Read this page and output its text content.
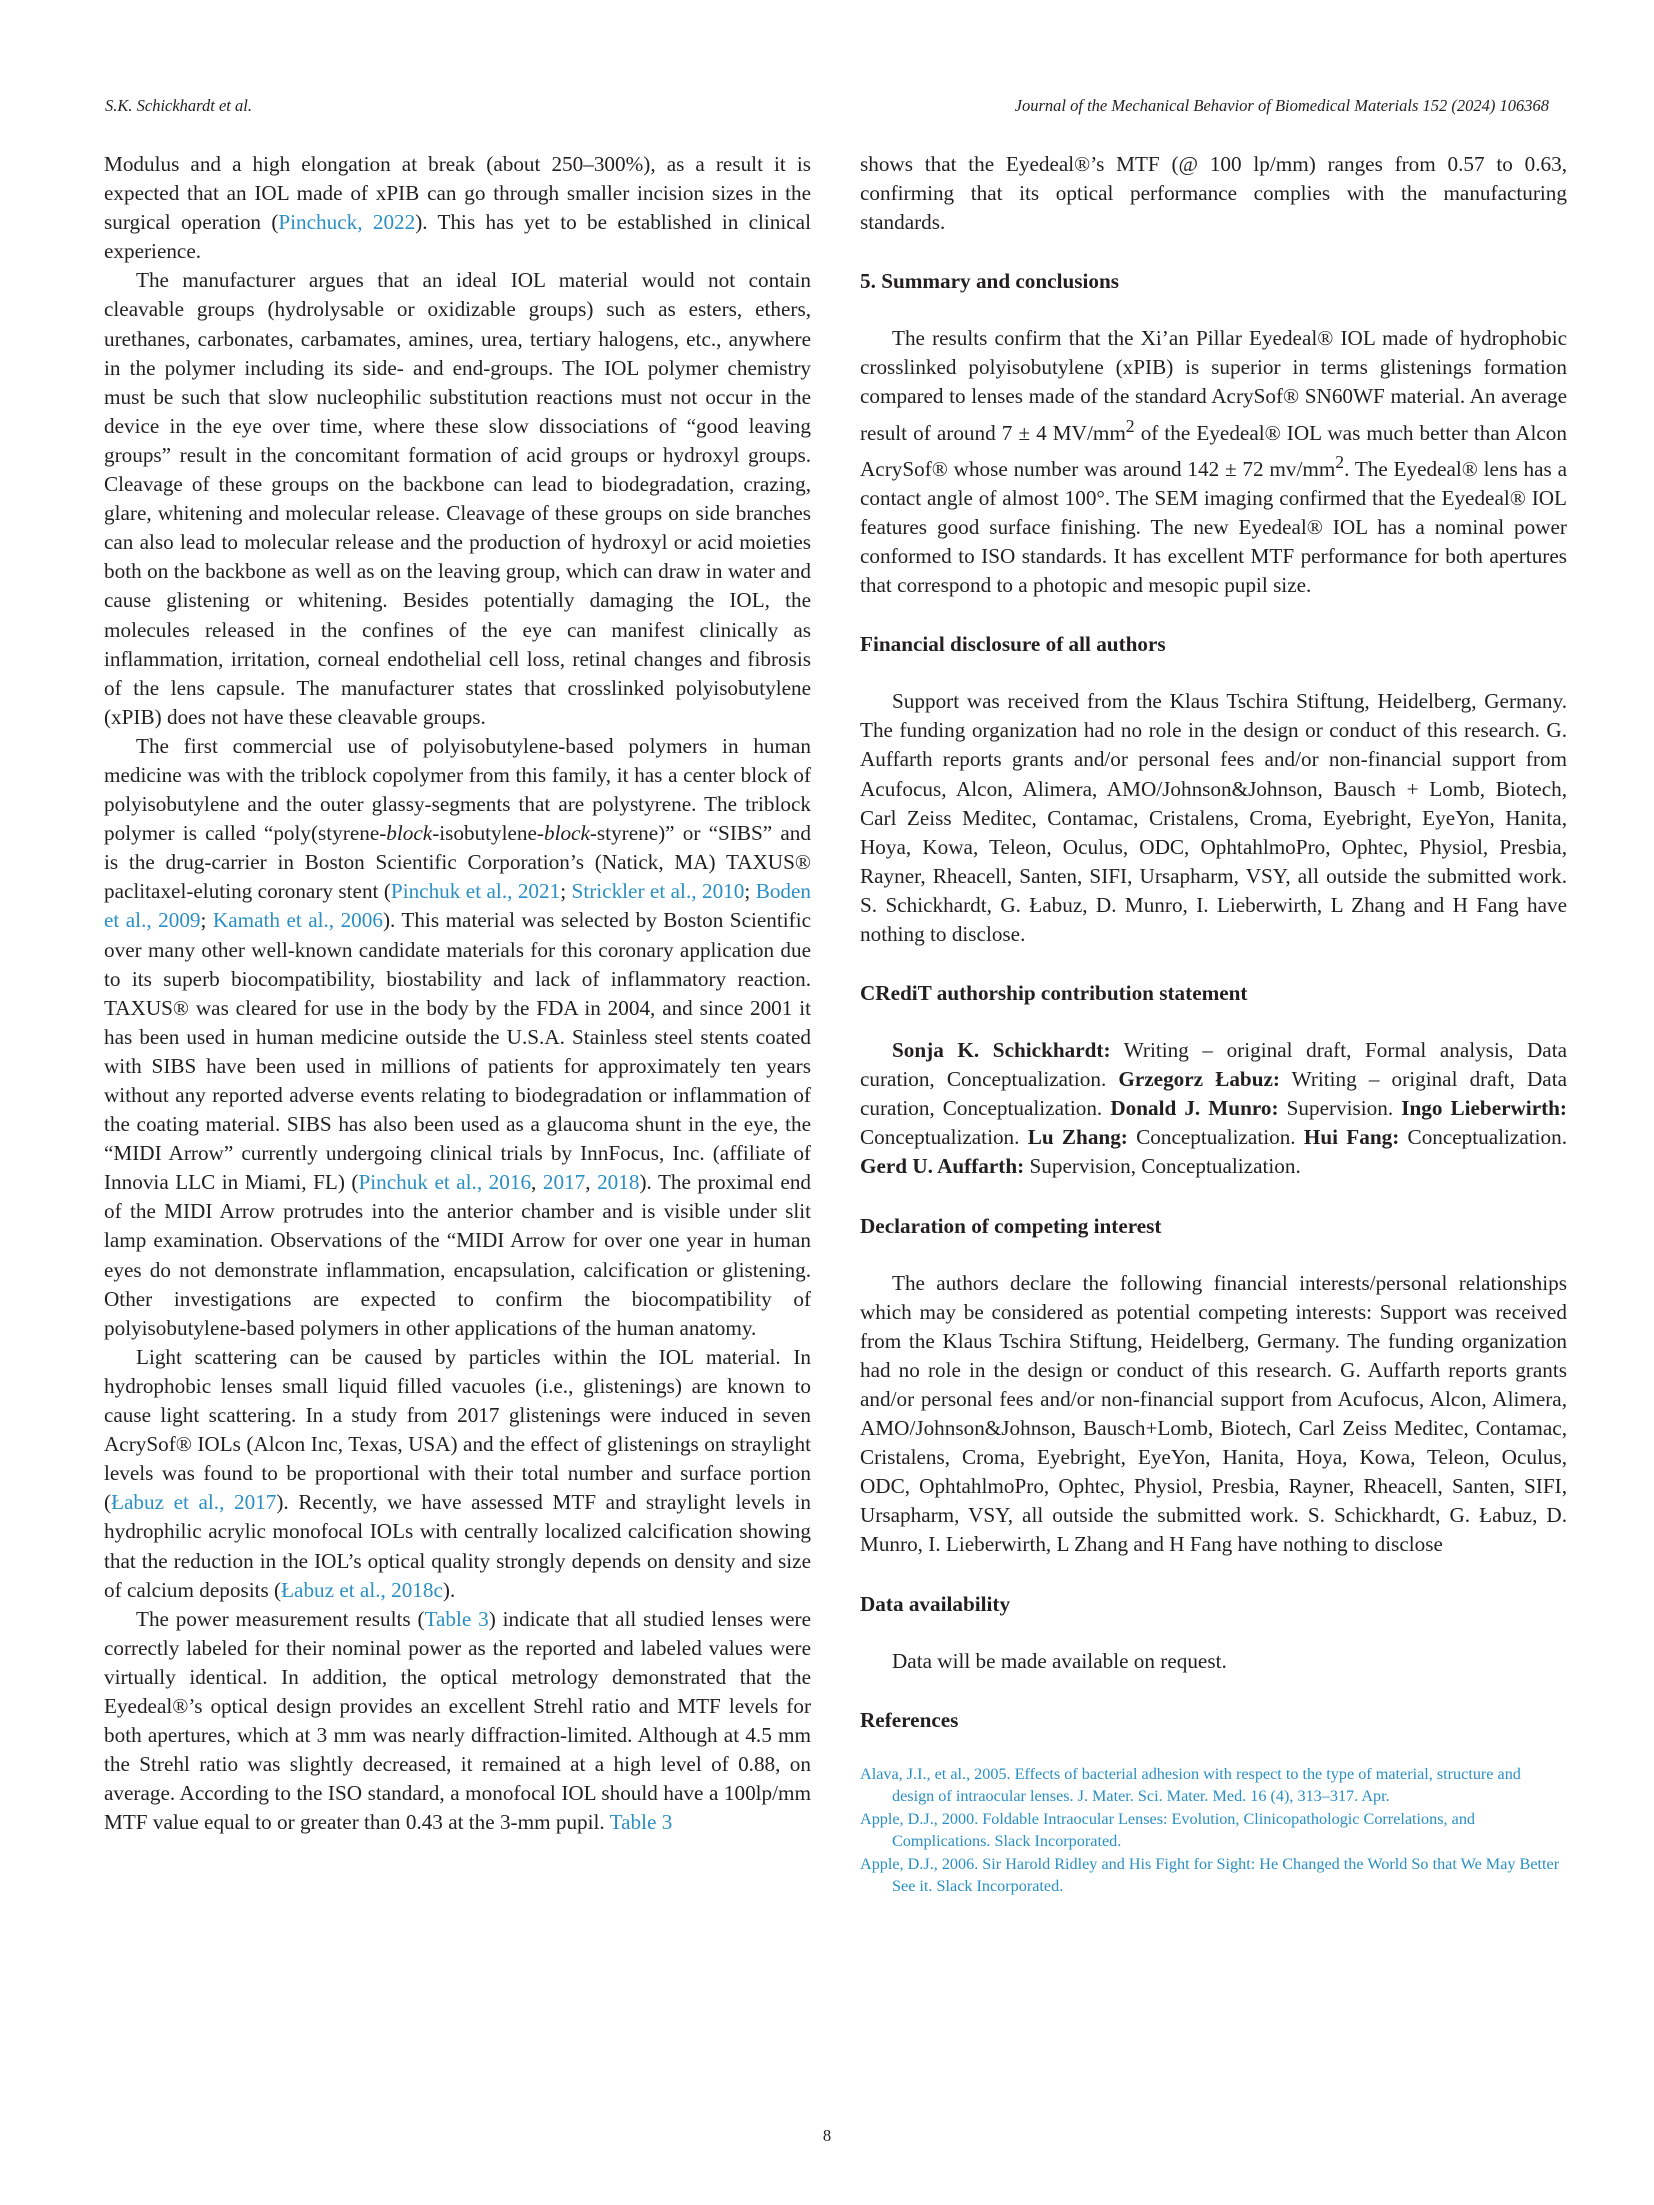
S.K. Schickhardt et al.	Journal of the Mechanical Behavior of Biomedical Materials 152 (2024) 106368

Modulus and a high elongation at break (about 250–300%), as a result it is expected that an IOL made of xPIB can go through smaller incision sizes in the surgical operation (Pinchuck, 2022). This has yet to be established in clinical experience.

The manufacturer argues that an ideal IOL material would not contain cleavable groups (hydrolysable or oxidizable groups) such as esters, ethers, urethanes, carbonates, carbamates, amines, urea, tertiary halogens, etc., anywhere in the polymer including its side- and end-groups. The IOL polymer chemistry must be such that slow nucleophilic substitution reactions must not occur in the device in the eye over time, where these slow dissociations of “good leaving groups” result in the concomitant formation of acid groups or hydroxyl groups. Cleavage of these groups on the backbone can lead to biodegradation, crazing, glare, whitening and molecular release. Cleavage of these groups on side branches can also lead to molecular release and the production of hydroxyl or acid moieties both on the backbone as well as on the leaving group, which can draw in water and cause glistening or whitening. Besides potentially damaging the IOL, the molecules released in the confines of the eye can manifest clinically as inflammation, irritation, corneal endothelial cell loss, retinal changes and fibrosis of the lens capsule. The manufacturer states that crosslinked polyisobutylene (xPIB) does not have these cleavable groups.

The first commercial use of polyisobutylene-based polymers in human medicine was with the triblock copolymer from this family, it has a center block of polyisobutylene and the outer glassy-segments that are polystyrene. The triblock polymer is called “poly(styrene-block-isobutylene-block-styrene)” or “SIBS” and is the drug-carrier in Boston Scientific Corporation’s (Natick, MA) TAXUS® paclitaxel-eluting coronary stent (Pinchuk et al., 2021; Strickler et al., 2010; Boden et al., 2009; Kamath et al., 2006). This material was selected by Boston Scientific over many other well-known candidate materials for this coronary application due to its superb biocompatibility, biostability and lack of inflammatory reaction. TAXUS® was cleared for use in the body by the FDA in 2004, and since 2001 it has been used in human medicine outside the U.S.A. Stainless steel stents coated with SIBS have been used in millions of patients for approximately ten years without any reported adverse events relating to biodegradation or inflammation of the coating material. SIBS has also been used as a glaucoma shunt in the eye, the “MIDI Arrow” currently undergoing clinical trials by InnFocus, Inc. (affiliate of Innovia LLC in Miami, FL) (Pinchuk et al., 2016, 2017, 2018). The proximal end of the MIDI Arrow protrudes into the anterior chamber and is visible under slit lamp examination. Observations of the “MIDI Arrow for over one year in human eyes do not demonstrate inflammation, encapsulation, calcification or glistening. Other investigations are expected to confirm the biocompatibility of polyisobutylene-based polymers in other applications of the human anatomy.

Light scattering can be caused by particles within the IOL material. In hydrophobic lenses small liquid filled vacuoles (i.e., glistenings) are known to cause light scattering. In a study from 2017 glistenings were induced in seven AcrySof® IOLs (Alcon Inc, Texas, USA) and the effect of glistenings on straylight levels was found to be proportional with their total number and surface portion (Łabuz et al., 2017). Recently, we have assessed MTF and straylight levels in hydrophilic acrylic monofocal IOLs with centrally localized calcification showing that the reduction in the IOL’s optical quality strongly depends on density and size of calcium deposits (Łabuz et al., 2018c).

The power measurement results (Table 3) indicate that all studied lenses were correctly labeled for their nominal power as the reported and labeled values were virtually identical. In addition, the optical metrology demonstrated that the Eyedeal®’s optical design provides an excellent Strehl ratio and MTF levels for both apertures, which at 3 mm was nearly diffraction-limited. Although at 4.5 mm the Strehl ratio was slightly decreased, it remained at a high level of 0.88, on average. According to the ISO standard, a monofocal IOL should have a 100lp/mm MTF value equal to or greater than 0.43 at the 3-mm pupil. Table 3

shows that the Eyedeal®’s MTF (@ 100 lp/mm) ranges from 0.57 to 0.63, confirming that its optical performance complies with the manufacturing standards.

5. Summary and conclusions

The results confirm that the Xi’an Pillar Eyedeal® IOL made of hydrophobic crosslinked polyisobutylene (xPIB) is superior in terms glistenings formation compared to lenses made of the standard AcrySof® SN60WF material. An average result of around 7 ± 4 $MV/mm^2$ of the Eyedeal® IOL was much better than Alcon AcrySof® whose number was around 142 ± 72 $mv/mm^2$. The Eyedeal® lens has a contact angle of almost 100°. The SEM imaging confirmed that the Eyedeal® IOL features good surface finishing. The new Eyedeal® IOL has a nominal power conformed to ISO standards. It has excellent MTF performance for both apertures that correspond to a photopic and mesopic pupil size.

Financial disclosure of all authors

Support was received from the Klaus Tschira Stiftung, Heidelberg, Germany. The funding organization had no role in the design or conduct of this research. G. Auffarth reports grants and/or personal fees and/or non-financial support from Acufocus, Alcon, Alimera, AMO/Johnson&Johnson, Bausch + Lomb, Biotech, Carl Zeiss Meditec, Contamac, Cristalens, Croma, Eyebright, EyeYon, Hanita, Hoya, Kowa, Teleon, Oculus, ODC, OphtahlmoPro, Ophtec, Physiol, Presbia, Rayner, Rheacell, Santen, SIFI, Ursapharm, VSY, all outside the submitted work. S. Schickhardt, G. Łabuz, D. Munro, I. Lieberwirth, L Zhang and H Fang have nothing to disclose.

CRediT authorship contribution statement

Sonja K. Schickhardt: Writing – original draft, Formal analysis, Data curation, Conceptualization. Grzegorz Łabuz: Writing – original draft, Data curation, Conceptualization. Donald J. Munro: Supervision. Ingo Lieberwirth: Conceptualization. Lu Zhang: Conceptualization. Hui Fang: Conceptualization. Gerd U. Auffarth: Supervision, Conceptualization.

Declaration of competing interest

The authors declare the following financial interests/personal relationships which may be considered as potential competing interests: Support was received from the Klaus Tschira Stiftung, Heidelberg, Germany. The funding organization had no role in the design or conduct of this research. G. Auffarth reports grants and/or personal fees and/or non-financial support from Acufocus, Alcon, Alimera, AMO/Johnson&Johnson, Bausch+Lomb, Biotech, Carl Zeiss Meditec, Contamac, Cristalens, Croma, Eyebright, EyeYon, Hanita, Hoya, Kowa, Teleon, Oculus, ODC, OphtahlmoPro, Ophtec, Physiol, Presbia, Rayner, Rheacell, Santen, SIFI, Ursapharm, VSY, all outside the submitted work. S. Schickhardt, G. Łabuz, D. Munro, I. Lieberwirth, L Zhang and H Fang have nothing to disclose

Data availability

Data will be made available on request.

References
Alava, J.I., et al., 2005. Effects of bacterial adhesion with respect to the type of material, structure and design of intraocular lenses. J. Mater. Sci. Mater. Med. 16 (4), 313–317. Apr.
Apple, D.J., 2000. Foldable Intraocular Lenses: Evolution, Clinicopathologic Correlations, and Complications. Slack Incorporated.
Apple, D.J., 2006. Sir Harold Ridley and His Fight for Sight: He Changed the World So that We May Better See it. Slack Incorporated.
8
